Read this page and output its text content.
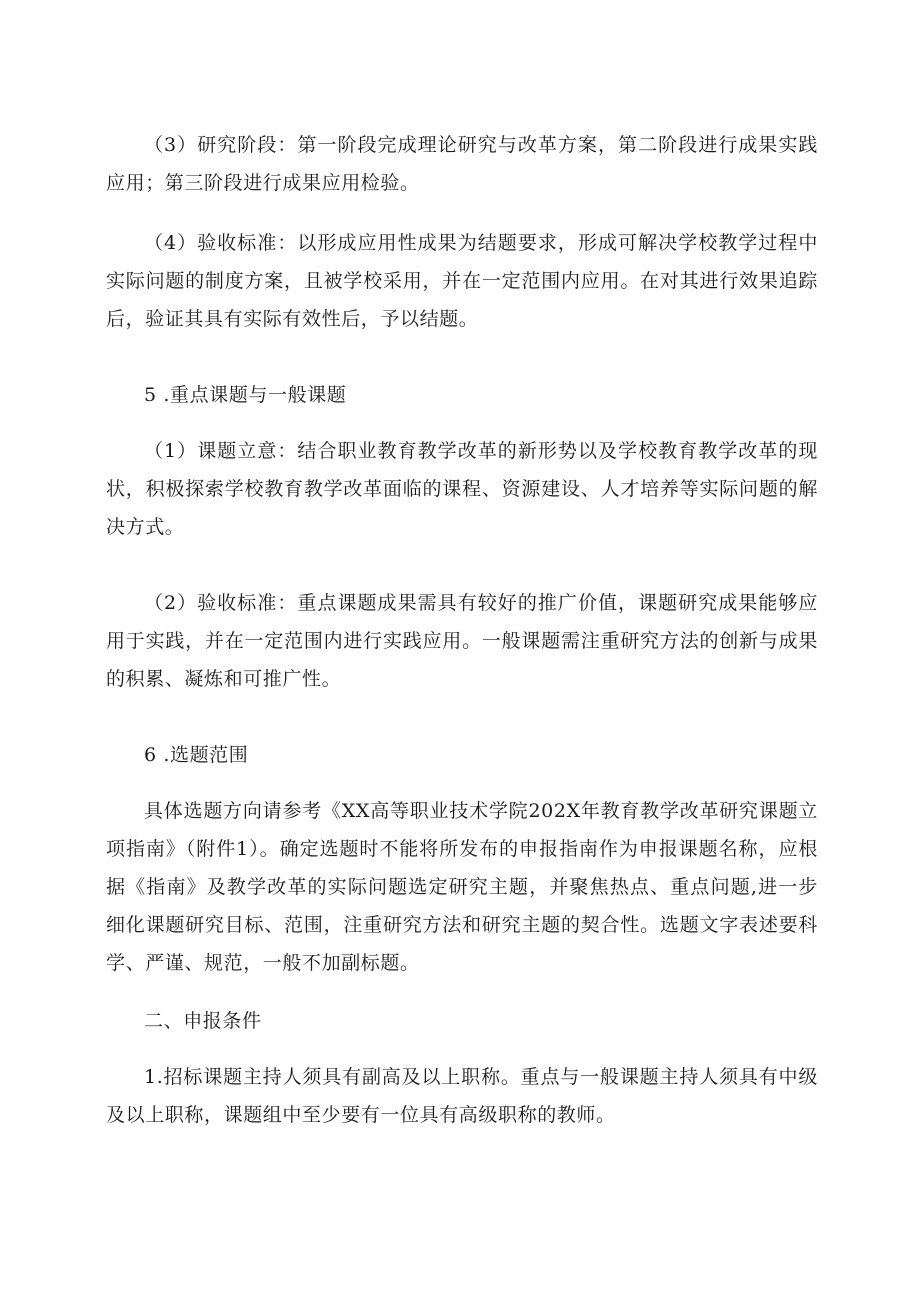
（3）研究阶段：第一阶段完成理论研究与改革方案，第二阶段进行成果实践应用；第三阶段进行成果应用检验。

（4）验收标准：以形成应用性成果为结题要求，形成可解决学校教学过程中实际问题的制度方案，且被学校采用，并在一定范围内应用。在对其进行效果追踪后，验证其具有实际有效性后，予以结题。

5 .重点课题与一般课题

（1）课题立意：结合职业教育教学改革的新形势以及学校教育教学改革的现状，积极探索学校教育教学改革面临的课程、资源建设、人才培养等实际问题的解决方式。

（2）验收标准：重点课题成果需具有较好的推广价值，课题研究成果能够应用于实践，并在一定范围内进行实践应用。一般课题需注重研究方法的创新与成果的积累、凝炼和可推广性。

6 .选题范围

具体选题方向请参考《XX高等职业技术学院202X年教育教学改革研究课题立项指南》（附件1）。确定选题时不能将所发布的申报指南作为申报课题名称，应根据《指南》及教学改革的实际问题选定研究主题，并聚焦热点、重点问题,进一步细化课题研究目标、范围，注重研究方法和研究主题的契合性。选题文字表述要科学、严谨、规范，一般不加副标题。

二、申报条件

1.招标课题主持人须具有副高及以上职称。重点与一般课题主持人须具有中级及以上职称，课题组中至少要有一位具有高级职称的教师。
